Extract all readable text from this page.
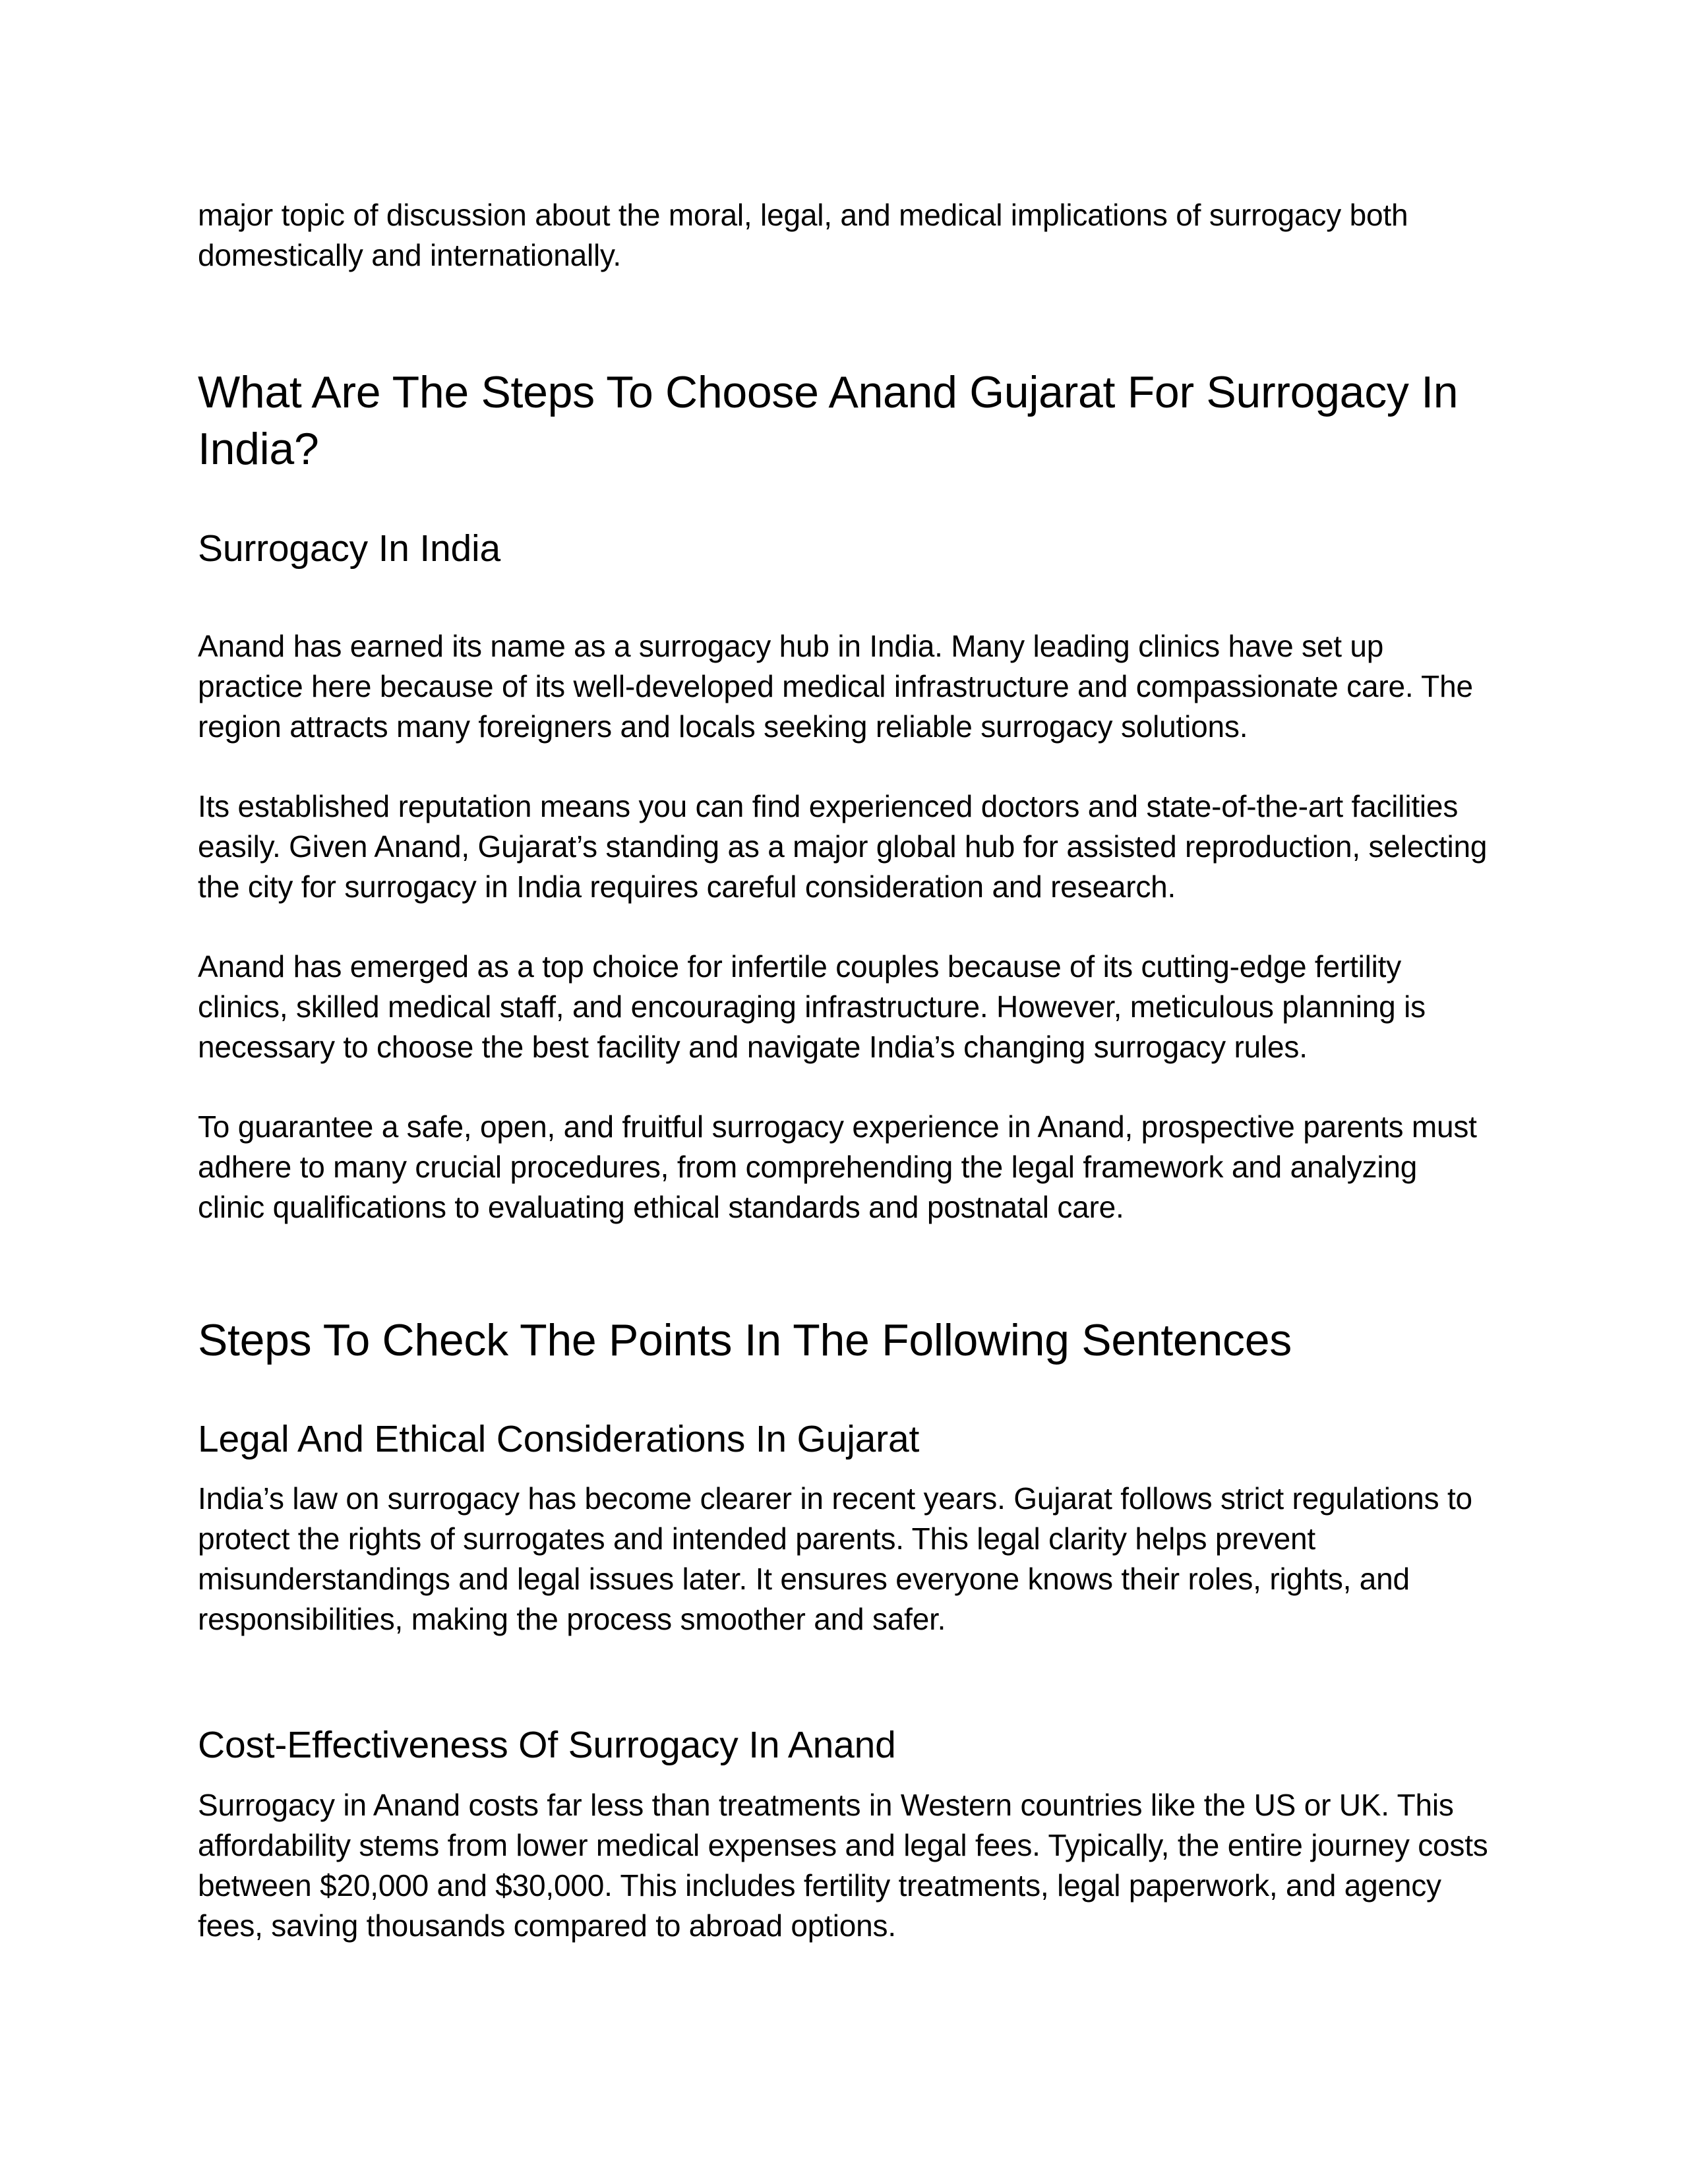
major topic of discussion about the moral, legal, and medical implications of surrogacy both domestically and internationally.

What Are The Steps To Choose Anand Gujarat For Surrogacy In India?
Surrogacy In India

Anand has earned its name as a surrogacy hub in India. Many leading clinics have set up practice here because of its well-developed medical infrastructure and compassionate care. The region attracts many foreigners and locals seeking reliable surrogacy solutions.

Its established reputation means you can find experienced doctors and state-of-the-art facilities easily. Given Anand, Gujarat’s standing as a major global hub for assisted reproduction, selecting the city for surrogacy in India requires careful consideration and research.

Anand has emerged as a top choice for infertile couples because of its cutting-edge fertility clinics, skilled medical staff, and encouraging infrastructure. However, meticulous planning is necessary to choose the best facility and navigate India’s changing surrogacy rules.

To guarantee a safe, open, and fruitful surrogacy experience in Anand, prospective parents must adhere to many crucial procedures, from comprehending the legal framework and analyzing clinic qualifications to evaluating ethical standards and postnatal care.

Steps To Check The Points In The Following Sentences
Legal And Ethical Considerations In Gujarat

India’s law on surrogacy has become clearer in recent years. Gujarat follows strict regulations to protect the rights of surrogates and intended parents. This legal clarity helps prevent misunderstandings and legal issues later. It ensures everyone knows their roles, rights, and responsibilities, making the process smoother and safer.

Cost-Effectiveness Of Surrogacy In Anand

Surrogacy in Anand costs far less than treatments in Western countries like the US or UK. This affordability stems from lower medical expenses and legal fees. Typically, the entire journey costs between $20,000 and $30,000. This includes fertility treatments, legal paperwork, and agency fees, saving thousands compared to abroad options.
